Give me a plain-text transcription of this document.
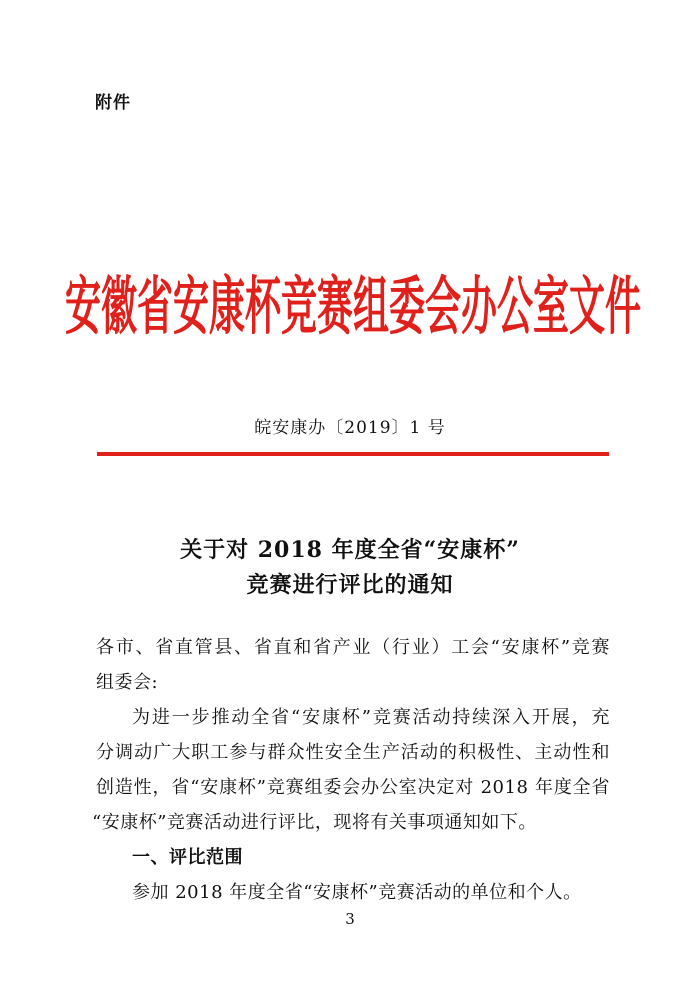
附件
安徽省安康杯竞赛组委会办公室文件
皖安康办〔2019〕1 号
关于对 2018 年度全省“安康杯”
竞赛进行评比的通知
各市、省直管县、省直和省产业（行业）工会“安康杯”竞赛
组委会:
为进一步推动全省“安康杯”竞赛活动持续深入开展，充
分调动广大职工参与群众性安全生产活动的积极性、主动性和
创造性，省“安康杯”竞赛组委会办公室决定对 2018 年度全省
“安康杯”竞赛活动进行评比，现将有关事项通知如下。
一、评比范围
参加 2018 年度全省“安康杯”竞赛活动的单位和个人。
3
